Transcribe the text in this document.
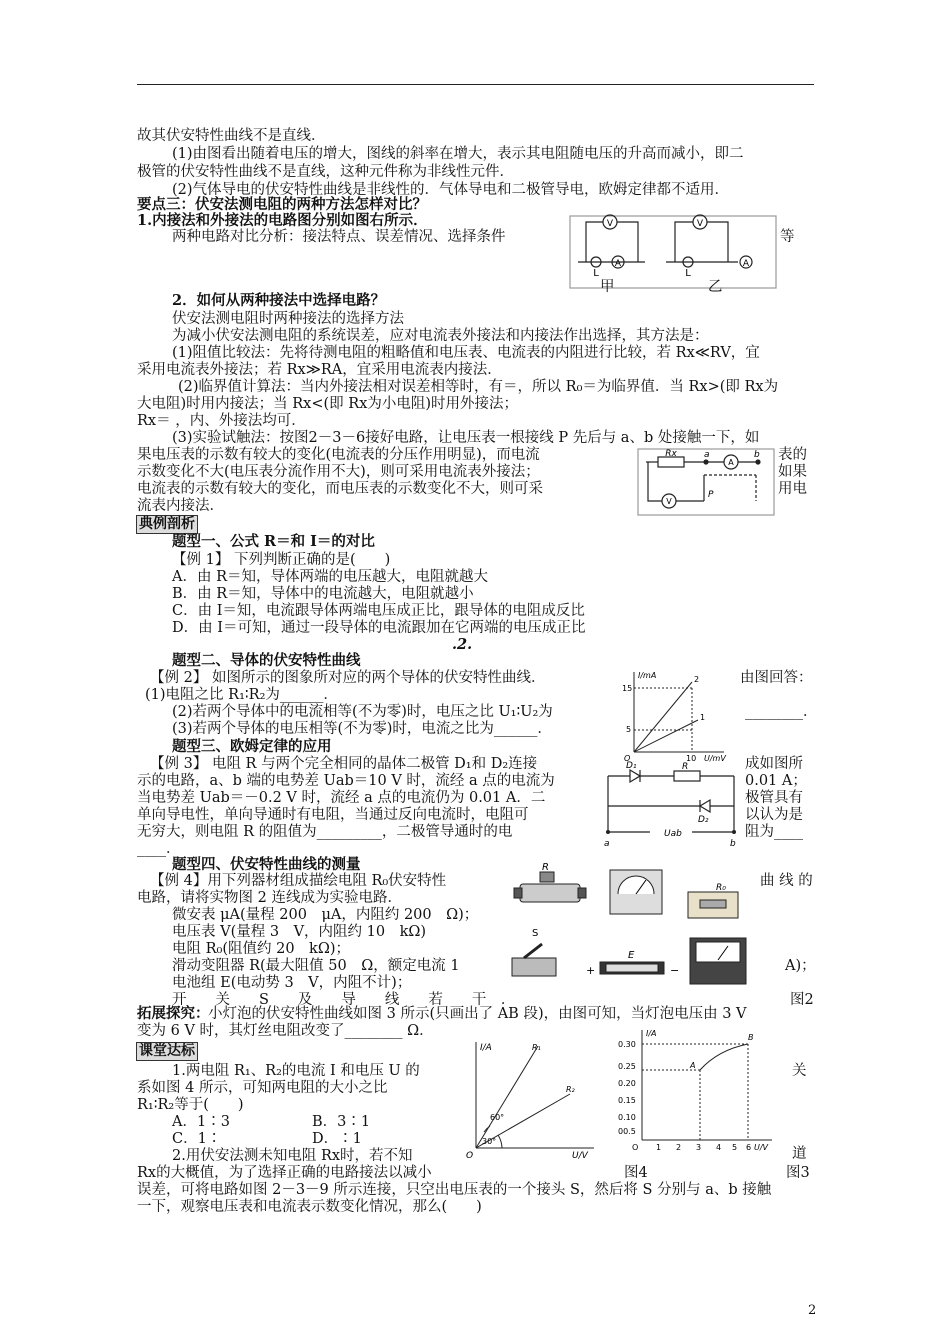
故其伏安特性曲线不是直线．
(1)由图看出随着电压的增大，图线的斜率在增大，表示其电阻随电压的升高而减小，即二
极管的伏安特性曲线不是直线，这种元件称为非线性元件．
(2)气体导电的伏安特性曲线是非线性的．气体导电和二极管导电，欧姆定律都不适用．
要点三：伏安法测电阻的两种方法怎样对比？
1.内接法和外接法的电路图分别如图右所示．
两种电路对比分析：接法特点、误差情况、选择条件	等
V
A
L
V
A
L
甲	乙
2．如何从两种接法中选择电路？
伏安法测电阻时两种接法的选择方法
为减小伏安法测电阻的系统误差，应对电流表外接法和内接法作出选择，其方法是：
(1)阻值比较法：先将待测电阻的粗略值和电压表、电流表的内阻进行比较，若 Rx≪RV，宜
采用电流表外接法；若 Rx≫RA，宜采用电流表内接法．
(2)临界值计算法：当内外接法相对误差相等时，有＝，所以 R₀＝为临界值．当 Rx>(即 Rx为
大电阻)时用内接法；当 Rx<(即 Rx为小电阻)时用外接法；
Rx＝ ，内、外接法均可．
(3)实验试触法：按图2－3－6接好电路，让电压表一根接线 P 先后与 a、b 处接触一下，如
果电压表的示数有较大的变化(电流表的分压作用明显)，而电流
示数变化不大(电压表分流作用不大)，则可采用电流表外接法；
电流表的示数有较大的变化，而电压表的示数变化不大，则可采
流表内接法．
表的
如果
用电
Rx	a	b
A
V
P
典例剖析
题型一、公式 R＝和 I＝的对比
【例 1】 下列判断正确的是(　　)
A．由 R＝知，导体两端的电压越大，电阻就越大
B．由 R＝知，导体中的电流越大，电阻就越小
C．由 I＝知，电流跟导体两端电压成正比，跟导体的电阻成反比
D．由 I＝可知，通过一段导体的电流跟加在它两端的电压成正比
.2.
题型二、导体的伏安特性曲线
【例 2】 如图所示的图象所对应的两个导体的伏安特性曲线．	由图回答：
(1)电阻之比 R₁∶R₂为______．
(2)若两个导体中的电流相等(不为零)时，电压之比 U₁∶U₂为	________．
(3)若两个导体的电压相等(不为零)时，电流之比为______．
I/mA
15
5
O	10 U/mV
2
1
题型三、欧姆定律的应用
【例 3】 电阻 R 与两个完全相同的晶体二极管 D₁和 D₂连接	成如图所
示的电路，a、b 端的电势差 Uab＝10 V 时，流经 a 点的电流为	0.01 A；
当电势差 Uab＝－0.2 V 时，流经 a 点的电流仍为 0.01 A．二	极管具有
单向导电性，单向导通时有电阻，当通过反向电流时，电阻可	以认为是
无穷大，则电阻 R 的阻值为_________，二极管导通时的电	阻为____
____．
D₁	R
D₂
Uab
a	b
题型四、伏安特性曲线的测量
【例 4】用下列器材组成描绘电阻 R₀伏安特性	曲 线 的
电路，请将实物图 2 连线成为实验电路．
微安表 μA(量程 200　μA，内阻约 200　Ω)；
电压表 V(量程 3　V，内阻约 10　kΩ)
电阻 R₀(阻值约 20　kΩ)；
滑动变阻器 R(最大阻值 50　Ω，额定电流 1	A)；
电池组 E(电动势 3　V，内阻不计)；
开　　关　　S　　及　　导　　线　　若　　干　．	图2
R
R₀
S
E
+	−
拓展探究：
小灯泡的伏安特性曲线如图 3 所示(只画出了 AB 段)，由图可知，当灯泡电压由 3 V
变为 6 V 时，其灯丝电阻改变了________ Ω．
课堂达标
1.两电阻 R₁、R₂的电流 I 和电压 U 的	关
系如图 4 所示，可知两电阻的大小之比
R₁∶R₂等于(　　)
A．1∶3	B．3∶1
C．1∶	D．∶1
2.用伏安法测未知电阻 Rx时，若不知	道
Rx的大概值，为了选择正确的电路接法以减小	图4	图3
误差，可将电路如图 2－3－9 所示连接，只空出电压表的一个接头 S，然后将 S 分别与 a、b 接触
一下，观察电压表和电流表示数变化情况，那么(　　)
I/A
U/V
O
R₁
R₂
60°
30°
I/A
U/V
A
B
0.30
0.25
0.20
0.15
0.10
00.5
O 1 2 3 4 5 6
2
